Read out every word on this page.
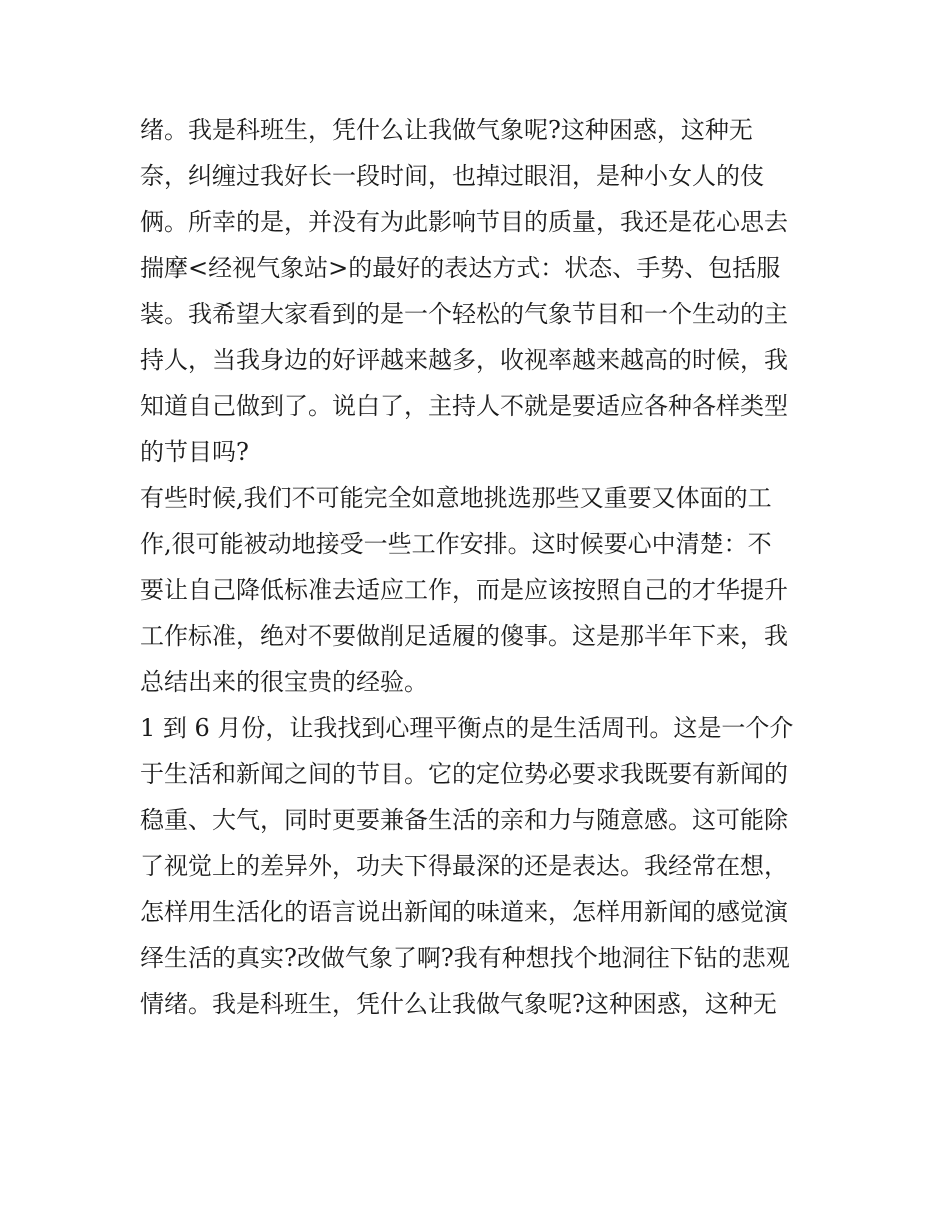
绪。我是科班生，凭什么让我做气象呢?这种困惑，这种无
奈，纠缠过我好长一段时间，也掉过眼泪，是种小女人的伎
俩。所幸的是，并没有为此影响节目的质量，我还是花心思去
揣摩<经视气象站>的最好的表达方式：状态、手势、包括服
装。我希望大家看到的是一个轻松的气象节目和一个生动的主
持人，当我身边的好评越来越多，收视率越来越高的时候，我
知道自己做到了。说白了，主持人不就是要适应各种各样类型
的节目吗?
有些时候,我们不可能完全如意地挑选那些又重要又体面的工
作,很可能被动地接受一些工作安排。这时候要心中清楚：不
要让自己降低标准去适应工作，而是应该按照自己的才华提升
工作标准，绝对不要做削足适履的傻事。这是那半年下来，我
总结出来的很宝贵的经验。
1 到 6 月份，让我找到心理平衡点的是生活周刊。这是一个介
于生活和新闻之间的节目。它的定位势必要求我既要有新闻的
稳重、大气，同时更要兼备生活的亲和力与随意感。这可能除
了视觉上的差异外，功夫下得最深的还是表达。我经常在想，
怎样用生活化的语言说出新闻的味道来，怎样用新闻的感觉演
绎生活的真实?改做气象了啊?我有种想找个地洞往下钻的悲观
情绪。我是科班生，凭什么让我做气象呢?这种困惑，这种无
